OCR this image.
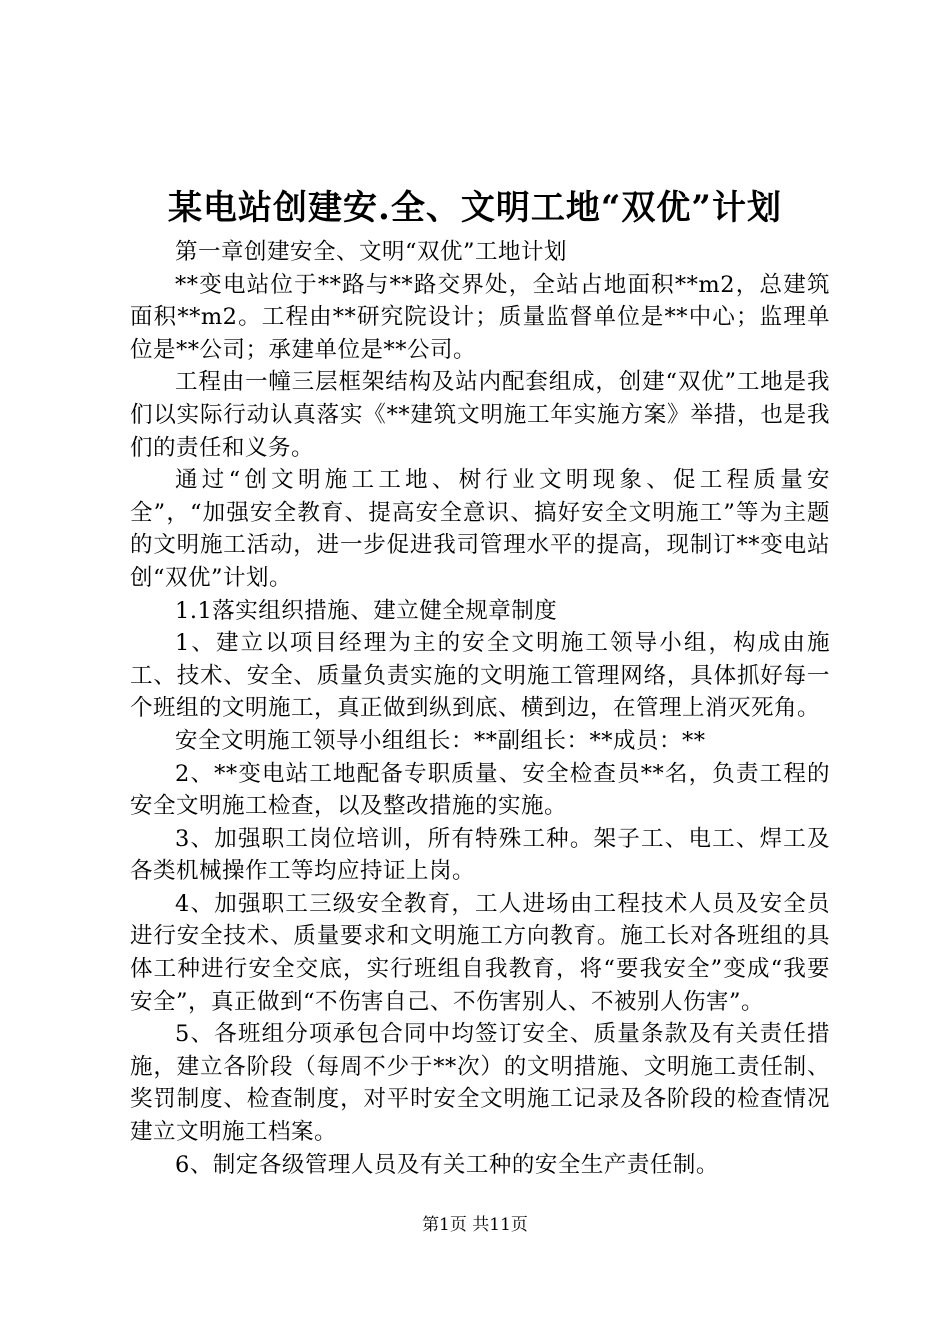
某电站创建安.全、文明工地“双优”计划

第一章创建安全、文明“双优”工地计划

**变电站位于**路与**路交界处，全站占地面积**m2，总建筑面积**m2。工程由**研究院设计；质量监督单位是**中心；监理单位是**公司；承建单位是**公司。

工程由一幢三层框架结构及站内配套组成，创建“双优”工地是我们以实际行动认真落实《**建筑文明施工年实施方案》举措，也是我们的责任和义务。

通过“创文明施工工地、树行业文明现象、促工程质量安全”，“加强安全教育、提高安全意识、搞好安全文明施工”等为主题的文明施工活动，进一步促进我司管理水平的提高，现制订**变电站创“双优”计划。

1.1落实组织措施、建立健全规章制度

1、建立以项目经理为主的安全文明施工领导小组，构成由施工、技术、安全、质量负责实施的文明施工管理网络，具体抓好每一个班组的文明施工，真正做到纵到底、横到边，在管理上消灭死角。

安全文明施工领导小组组长：**副组长：**成员：**

2、**变电站工地配备专职质量、安全检查员**名，负责工程的安全文明施工检查，以及整改措施的实施。

3、加强职工岗位培训，所有特殊工种。架子工、电工、焊工及各类机械操作工等均应持证上岗。

4、加强职工三级安全教育，工人进场由工程技术人员及安全员进行安全技术、质量要求和文明施工方向教育。施工长对各班组的具体工种进行安全交底，实行班组自我教育，将“要我安全”变成“我要安全”，真正做到“不伤害自己、不伤害别人、不被别人伤害”。

5、各班组分项承包合同中均签订安全、质量条款及有关责任措施，建立各阶段（每周不少于**次）的文明措施、文明施工责任制、奖罚制度、检查制度，对平时安全文明施工记录及各阶段的检查情况建立文明施工档案。

6、制定各级管理人员及有关工种的安全生产责任制。

第1页 共11页
